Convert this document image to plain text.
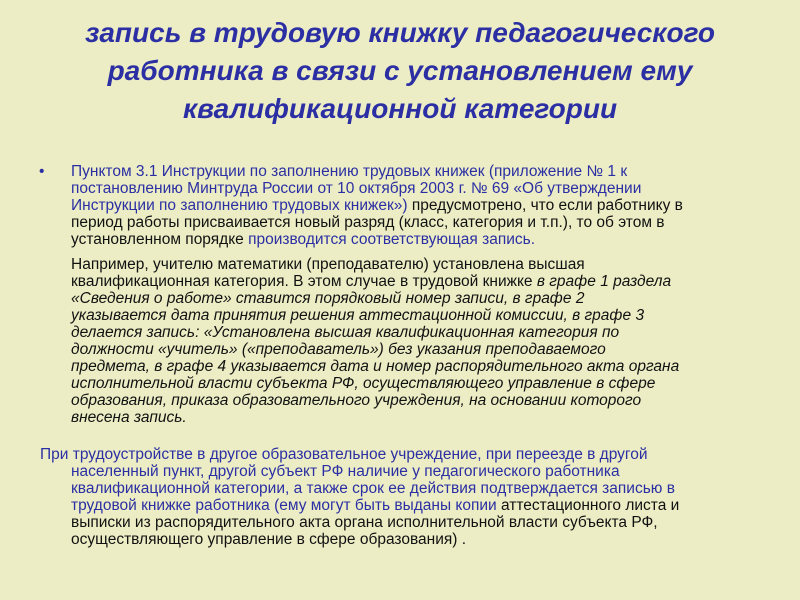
запись в трудовую книжку педагогического
работника в связи с установлением ему
квалификационной категории
• Пунктом 3.1 Инструкции по заполнению трудовых книжек (приложение № 1 к
постановлению Минтруда России от 10 октября 2003 г. № 69 «Об утверждении
Инструкции по заполнению трудовых книжек») предусмотрено, что если работнику в
период работы присваивается новый разряд (класс, категория и т.п.), то об этом в
установленном порядке производится соответствующая запись.
Например, учителю математики (преподавателю) установлена высшая
квалификационная категория. В этом случае в трудовой книжке в графе 1 раздела
«Сведения о работе» ставится порядковый номер записи, в графе 2
указывается дата принятия решения аттестационной комиссии, в графе 3
делается запись: «Установлена высшая квалификационная категория по
должности «учитель» («преподаватель») без указания преподаваемого
предмета, в графе 4 указывается дата и номер распорядительного акта органа
исполнительной власти субъекта РФ, осуществляющего управление в сфере
образования, приказа образовательного учреждения, на основании которого
внесена запись.
При трудоустройстве в другое образовательное учреждение, при переезде в другой
населенный пункт, другой субъект РФ наличие у педагогического работника
квалификационной категории, а также срок ее действия подтверждается записью в
трудовой книжке работника (ему могут быть выданы копии аттестационного листа и
выписки из распорядительного акта органа исполнительной власти субъекта РФ,
осуществляющего управление в сфере образования) .
